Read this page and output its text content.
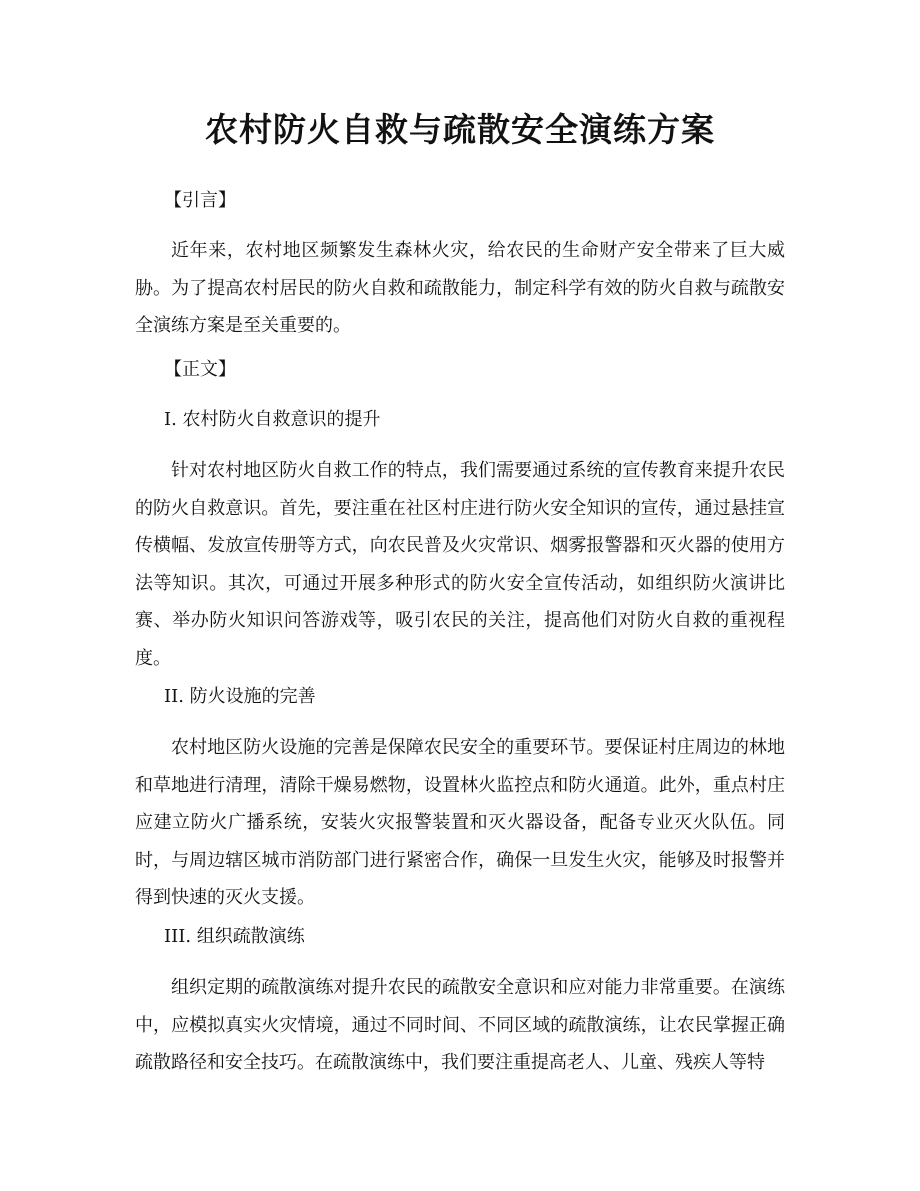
农村防火自救与疏散安全演练方案

【引言】

近年来，农村地区频繁发生森林火灾，给农民的生命财产安全带来了巨大威胁。为了提高农村居民的防火自救和疏散能力，制定科学有效的防火自救与疏散安全演练方案是至关重要的。

【正文】

I. 农村防火自救意识的提升

针对农村地区防火自救工作的特点，我们需要通过系统的宣传教育来提升农民的防火自救意识。首先，要注重在社区村庄进行防火安全知识的宣传，通过悬挂宣传横幅、发放宣传册等方式，向农民普及火灾常识、烟雾报警器和灭火器的使用方法等知识。其次，可通过开展多种形式的防火安全宣传活动，如组织防火演讲比赛、举办防火知识问答游戏等，吸引农民的关注，提高他们对防火自救的重视程度。

II. 防火设施的完善

农村地区防火设施的完善是保障农民安全的重要环节。要保证村庄周边的林地和草地进行清理，清除干燥易燃物，设置林火监控点和防火通道。此外，重点村庄应建立防火广播系统，安装火灾报警装置和灭火器设备，配备专业灭火队伍。同时，与周边辖区城市消防部门进行紧密合作，确保一旦发生火灾，能够及时报警并得到快速的灭火支援。

III. 组织疏散演练

组织定期的疏散演练对提升农民的疏散安全意识和应对能力非常重要。在演练中，应模拟真实火灾情境，通过不同时间、不同区域的疏散演练，让农民掌握正确疏散路径和安全技巧。在疏散演练中，我们要注重提高老人、儿童、残疾人等特
